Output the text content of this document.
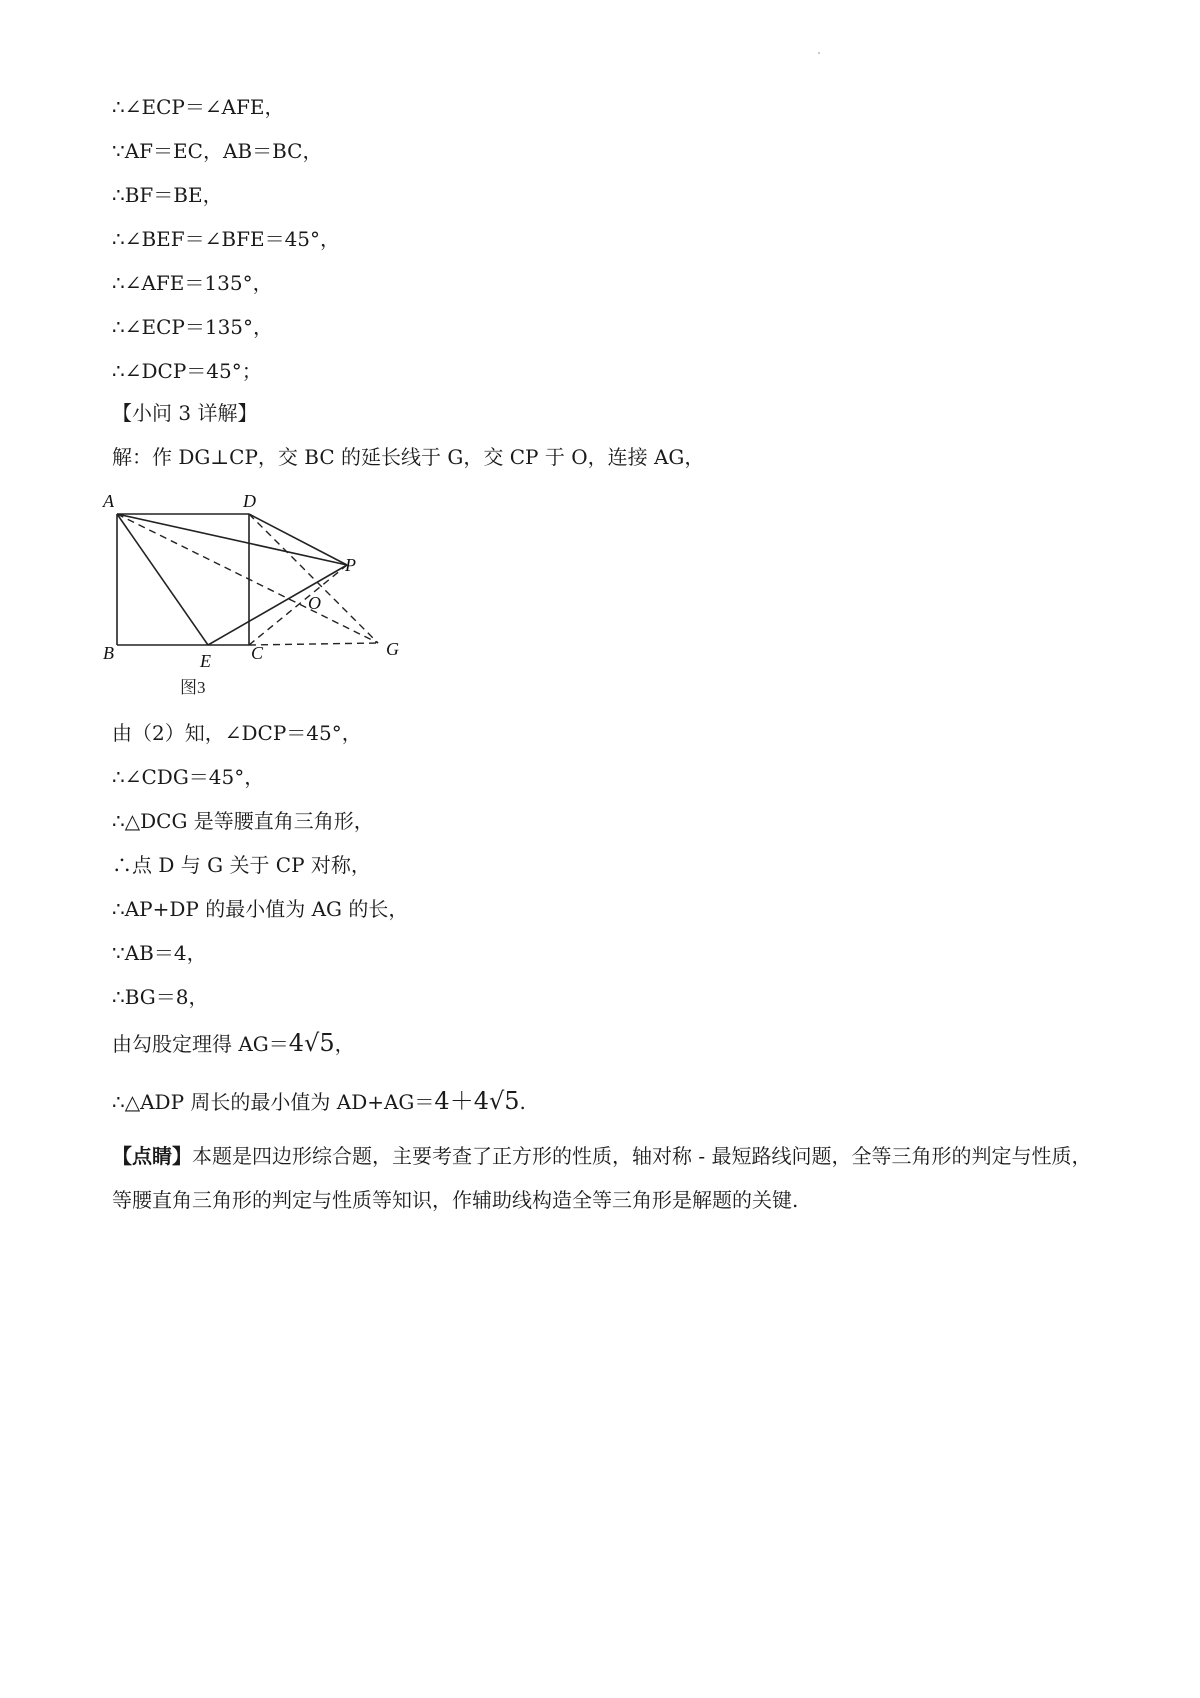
∴∠ECP＝∠AFE，
∵AF＝EC，AB＝BC，
∴BF＝BE，
∴∠BEF＝∠BFE＝45°，
∴∠AFE＝135°，
∴∠ECP＝135°，
∴∠DCP＝45°；
【小问 3 详解】
解：作 DG⊥CP，交 BC 的延长线于 G，交 CP 于 O，连接 AG，
A	D
P
O
B	E C	G
图3
由（2）知，∠DCP＝45°，
∴∠CDG＝45°，
∴△DCG 是等腰直角三角形，
∴点 D 与 G 关于 CP 对称，
∴AP+DP 的最小值为 AG 的长，
∵AB＝4，
∴BG＝8，
由勾股定理得 AG＝4√5，
∴△ADP 周长的最小值为 AD+AG＝4＋4√5.
【点睛】本题是四边形综合题，主要考查了正方形的性质，轴对称 - 最短路线问题，全等三角形的判定与性质，等腰直角三角形的判定与性质等知识，作辅助线构造全等三角形是解题的关键.
